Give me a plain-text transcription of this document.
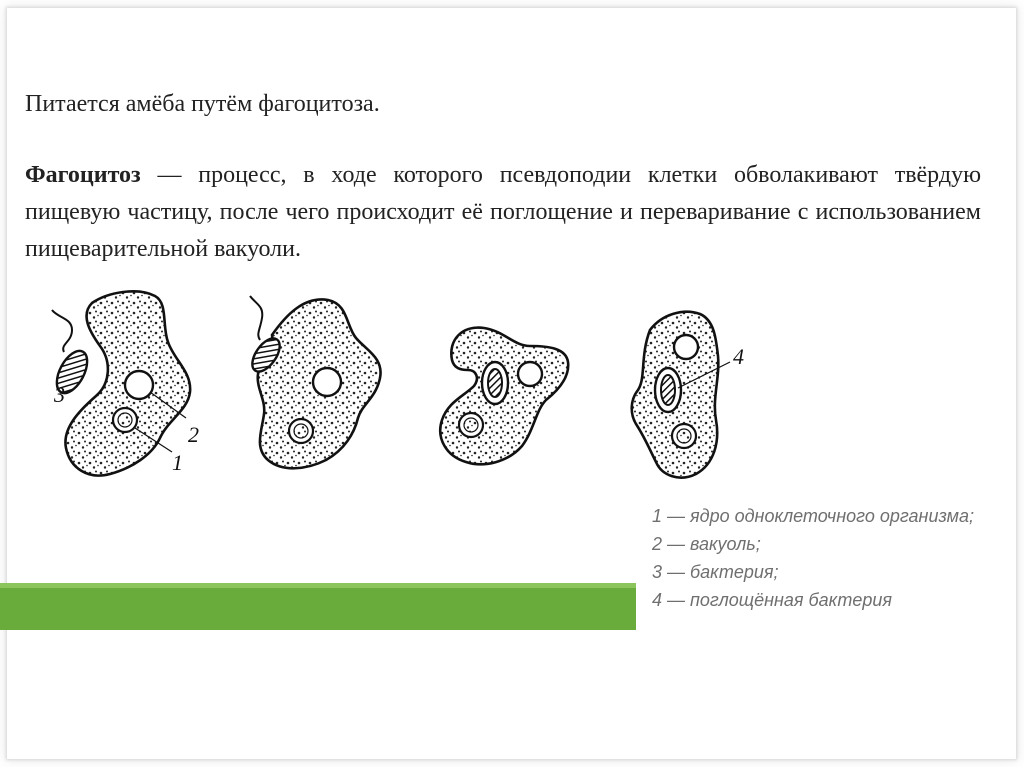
Питается амёба путём фагоцитоза.
Фагоцитоз — процесс, в ходе которого псевдоподии клетки обволакивают твёрдую пищевую частицу, после чего происходит её поглощение и переваривание с использованием пищеварительной вакуоли.
3
2
1
4
1 — ядро одноклеточного организма;
2 — вакуоль;
3 — бактерия;
4 — поглощённая бактерия
